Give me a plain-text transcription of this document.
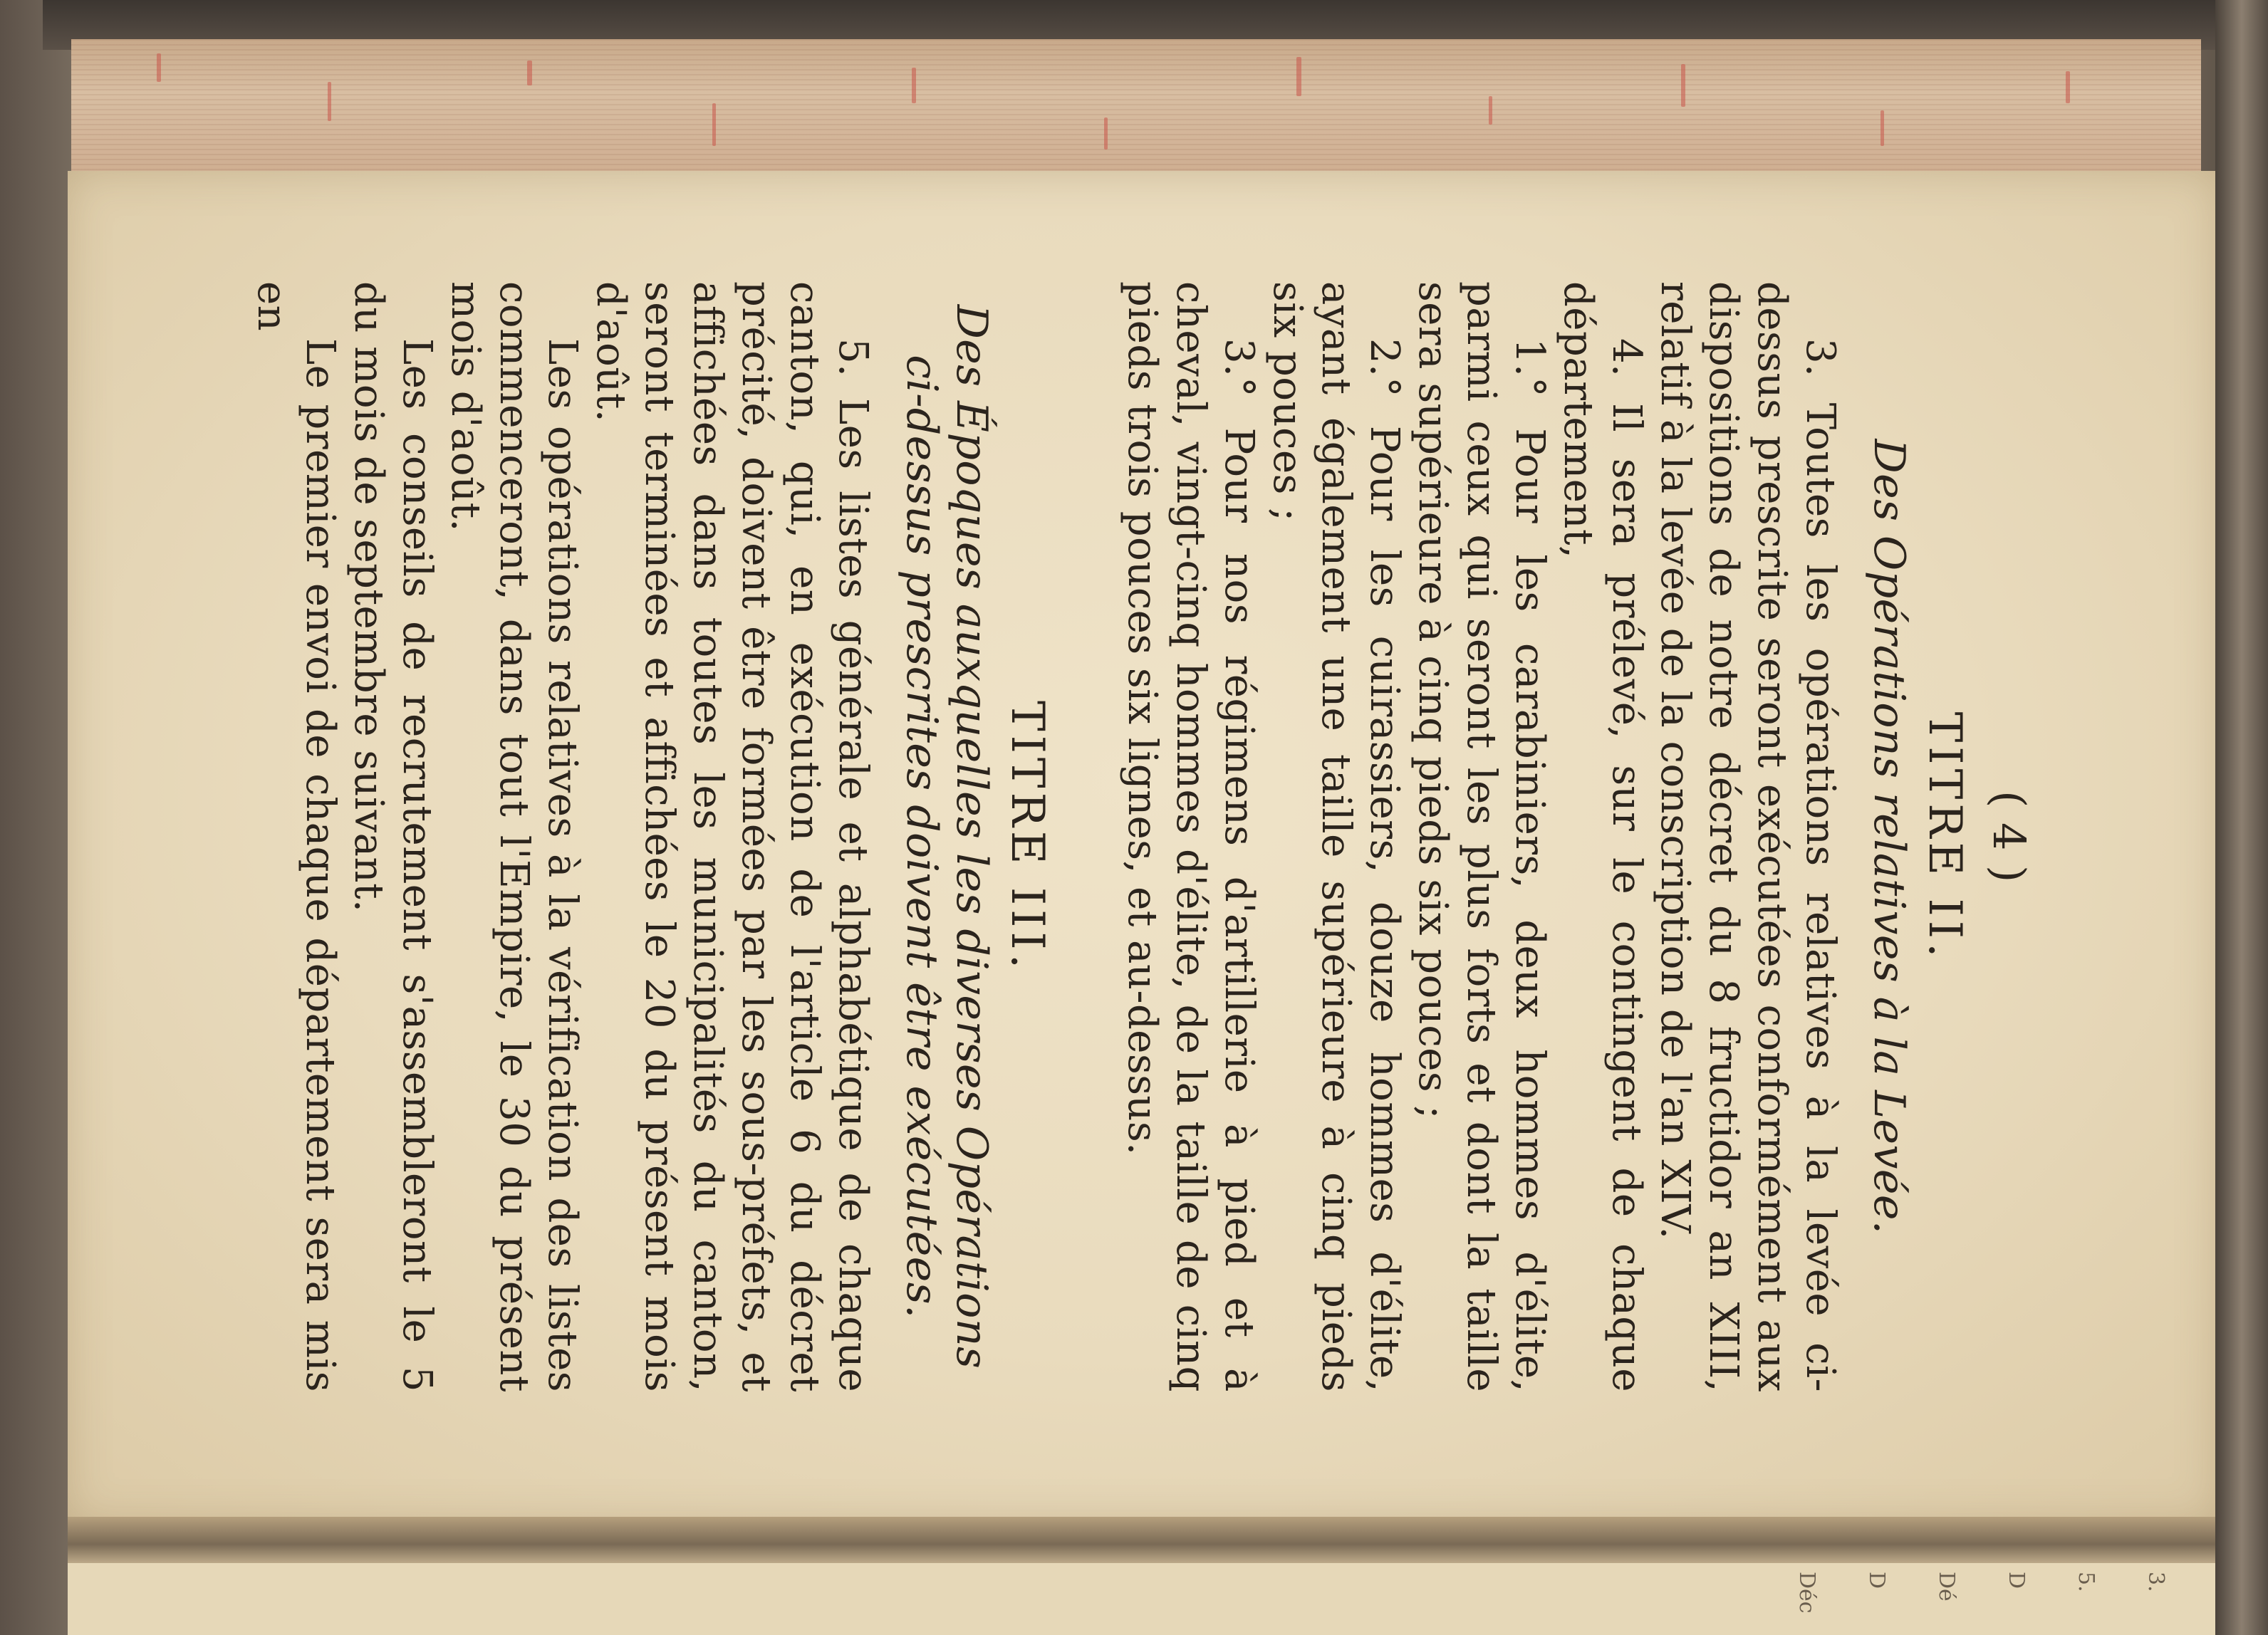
( 4 )
TITRE II.
Des Opérations relatives à la Levée.

3. Toutes les opérations relatives à la levée ci-dessus prescrite seront exécutées conformément aux dispositions de notre décret du 8 fructidor an XIII, relatif à la levée de la conscription de l'an XIV.

4. Il sera prélevé, sur le contingent de chaque département,

1.° Pour les carabiniers, deux hommes d'élite, parmi ceux qui seront les plus forts et dont la taille sera supérieure à cinq pieds six pouces ;

2.° Pour les cuirassiers, douze hommes d'élite, ayant également une taille supérieure à cinq pieds six pouces ;

3.° Pour nos régimens d'artillerie à pied et à cheval, vingt-cinq hommes d'élite, de la taille de cinq pieds trois pouces six lignes, et au-dessus.

TITRE III.
Des Époques auxquelles les diverses Opérations ci-dessus prescrites doivent être exécutées.

5. Les listes générale et alphabétique de chaque canton, qui, en exécution de l'article 6 du décret précité, doivent être formées par les sous-préfets, et affichées dans toutes les municipalités du canton, seront terminées et affichées le 20 du présent mois d'août.

Les opérations relatives à la vérification des listes commenceront, dans tout l'Empire, le 30 du présent mois d'août.

Les conseils de recrutement s'assembleront le 5 du mois de septembre suivant.

Le premier envoi de chaque département sera mis en

3.
5.
D
Dé
D
Déc
